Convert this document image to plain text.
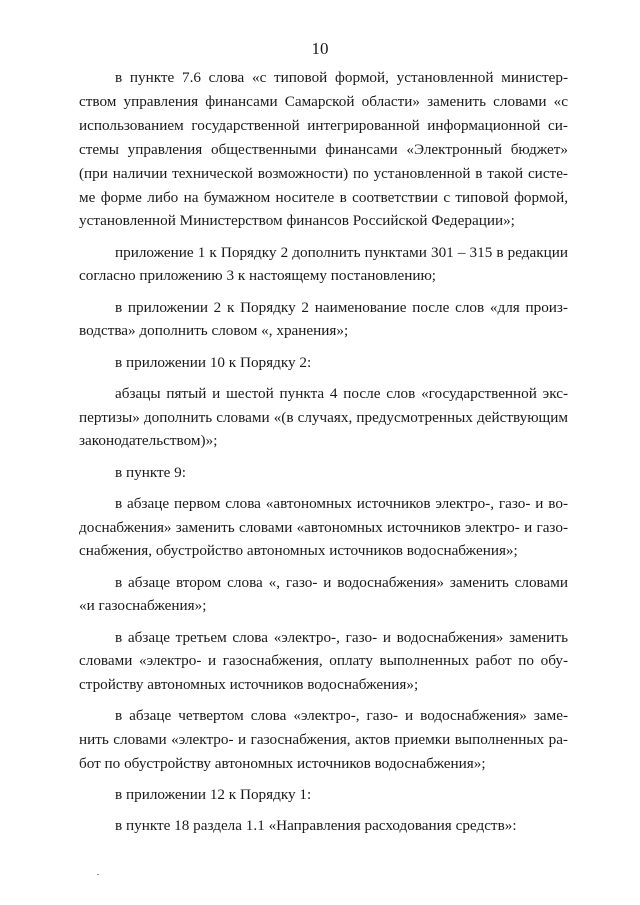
10
в пункте 7.6 слова «с типовой формой, установленной министер-
ством управления финансами Самарской области» заменить словами «с
использованием государственной интегрированной информационной си-
стемы управления общественными финансами «Электронный бюджет»
(при наличии технической возможности) по установленной в такой систе-
ме форме либо на бумажном носителе в соответствии с типовой формой,
установленной Министерством финансов Российской Федерации»;
приложение 1 к Порядку 2 дополнить пунктами 301 – 315 в редакции
согласно приложению 3 к настоящему постановлению;
в приложении 2 к Порядку 2 наименование после слов «для произ-
водства» дополнить словом «, хранения»;
в приложении 10 к Порядку 2:
абзацы пятый и шестой пункта 4 после слов «государственной экс-
пертизы» дополнить словами «(в случаях, предусмотренных действующим
законодательством)»;
в пункте 9:
в абзаце первом слова «автономных источников электро-, газо- и во-
доснабжения» заменить словами «автономных источников электро- и газо-
снабжения, обустройство автономных источников водоснабжения»;
в абзаце втором слова «, газо- и водоснабжения» заменить словами
«и газоснабжения»;
в абзаце третьем слова «электро-, газо- и водоснабжения» заменить
словами «электро- и газоснабжения, оплату выполненных работ по обу-
стройству автономных источников водоснабжения»;
в абзаце четвертом слова «электро-, газо- и водоснабжения» заме-
нить словами «электро- и газоснабжения, актов приемки выполненных ра-
бот по обустройству автономных источников водоснабжения»;
в приложении 12 к Порядку 1:
в пункте 18 раздела 1.1 «Направления расходования средств»:
